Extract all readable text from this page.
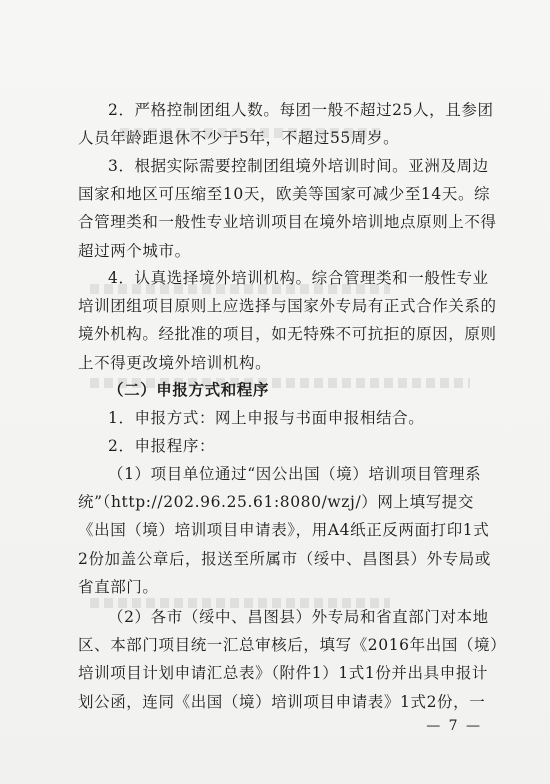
2．严格控制团组人数。每团一般不超过25人，且参团
人员年龄距退休不少于5年，不超过55周岁。

3．根据实际需要控制团组境外培训时间。亚洲及周边
国家和地区可压缩至10天，欧美等国家可减少至14天。综
合管理类和一般性专业培训项目在境外培训地点原则上不得
超过两个城市。

4．认真选择境外培训机构。综合管理类和一般性专业
培训团组项目原则上应选择与国家外专局有正式合作关系的
境外机构。经批准的项目，如无特殊不可抗拒的原因，原则
上不得更改境外培训机构。

（二）申报方式和程序

1．申报方式：网上申报与书面申报相结合。

2．申报程序：

（1）项目单位通过“因公出国（境）培训项目管理系
统”（http://202.96.25.61:8080/wzj/）网上填写提交
《出国（境）培训项目申请表》，用A4纸正反两面打印1式
2份加盖公章后，报送至所属市（绥中、昌图县）外专局或
省直部门。

（2）各市（绥中、昌图县）外专局和省直部门对本地
区、本部门项目统一汇总审核后，填写《2016年出国（境）
培训项目计划申请汇总表》（附件1）1式1份并出具申报计
划公函，连同《出国（境）培训项目申请表》1式2份，一

— 7 —
